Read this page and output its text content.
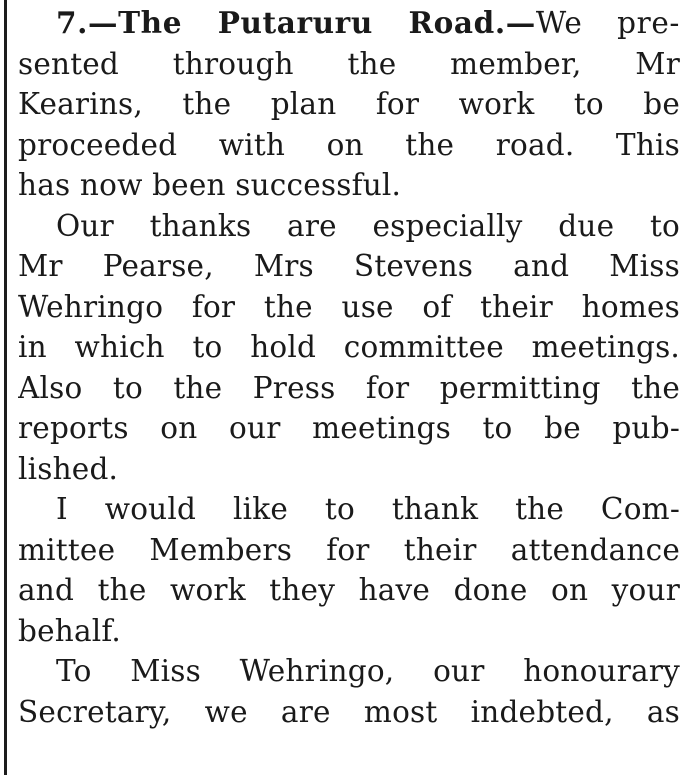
7.—The Putaruru Road.—We pre-
sented through the member, Mr
Kearins, the plan for work to be
proceeded with on the road. This
has now been successful.
Our thanks are especially due to
Mr Pearse, Mrs Stevens and Miss
Wehringo for the use of their homes
in which to hold committee meetings.
Also to the Press for permitting the
reports on our meetings to be pub-
lished.
I would like to thank the Com-
mittee Members for their attendance
and the work they have done on your
behalf.
To Miss Wehringo, our honourary
Secretary, we are most indebted, as
